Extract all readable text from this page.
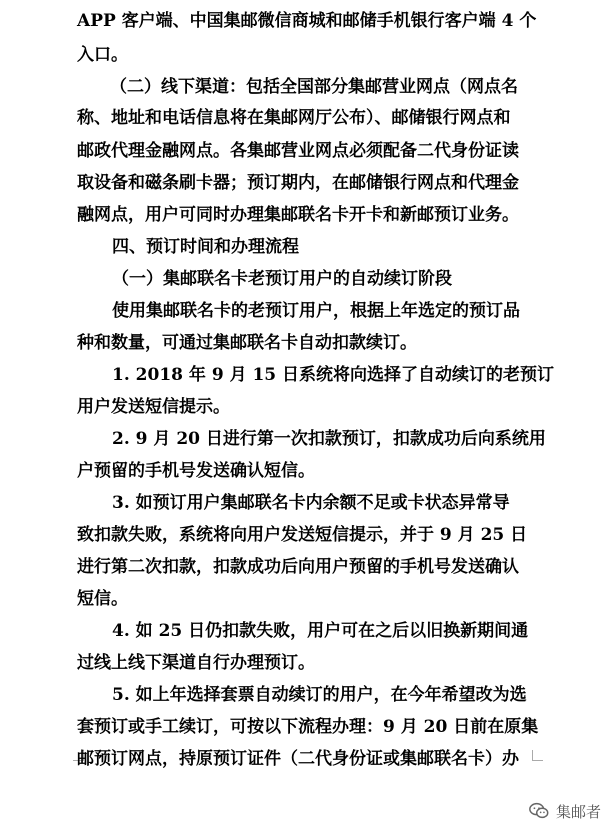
APP 客户端、中国集邮微信商城和邮储手机银行客户端 4 个
入口。
（二）线下渠道：包括全国部分集邮营业网点（网点名
称、地址和电话信息将在集邮网厅公布）、邮储银行网点和
邮政代理金融网点。各集邮营业网点必须配备二代身份证读
取设备和磁条刷卡器；预订期内，在邮储银行网点和代理金
融网点，用户可同时办理集邮联名卡开卡和新邮预订业务。
四、预订时间和办理流程
（一）集邮联名卡老预订用户的自动续订阶段
使用集邮联名卡的老预订用户，根据上年选定的预订品
种和数量，可通过集邮联名卡自动扣款续订。
1. 2018 年 9 月 15 日系统将向选择了自动续订的老预订
用户发送短信提示。
2. 9 月 20 日进行第一次扣款预订，扣款成功后向系统用
户预留的手机号发送确认短信。
3. 如预订用户集邮联名卡内余额不足或卡状态异常导
致扣款失败，系统将向用户发送短信提示，并于 9 月 25 日
进行第二次扣款，扣款成功后向用户预留的手机号发送确认
短信。
4. 如 25 日仍扣款失败，用户可在之后以旧换新期间通
过线上线下渠道自行办理预订。
5. 如上年选择套票自动续订的用户，在今年希望改为选
套预订或手工续订，可按以下流程办理：9 月 20 日前在原集
邮预订网点，持原预订证件（二代身份证或集邮联名卡）办
集邮者
